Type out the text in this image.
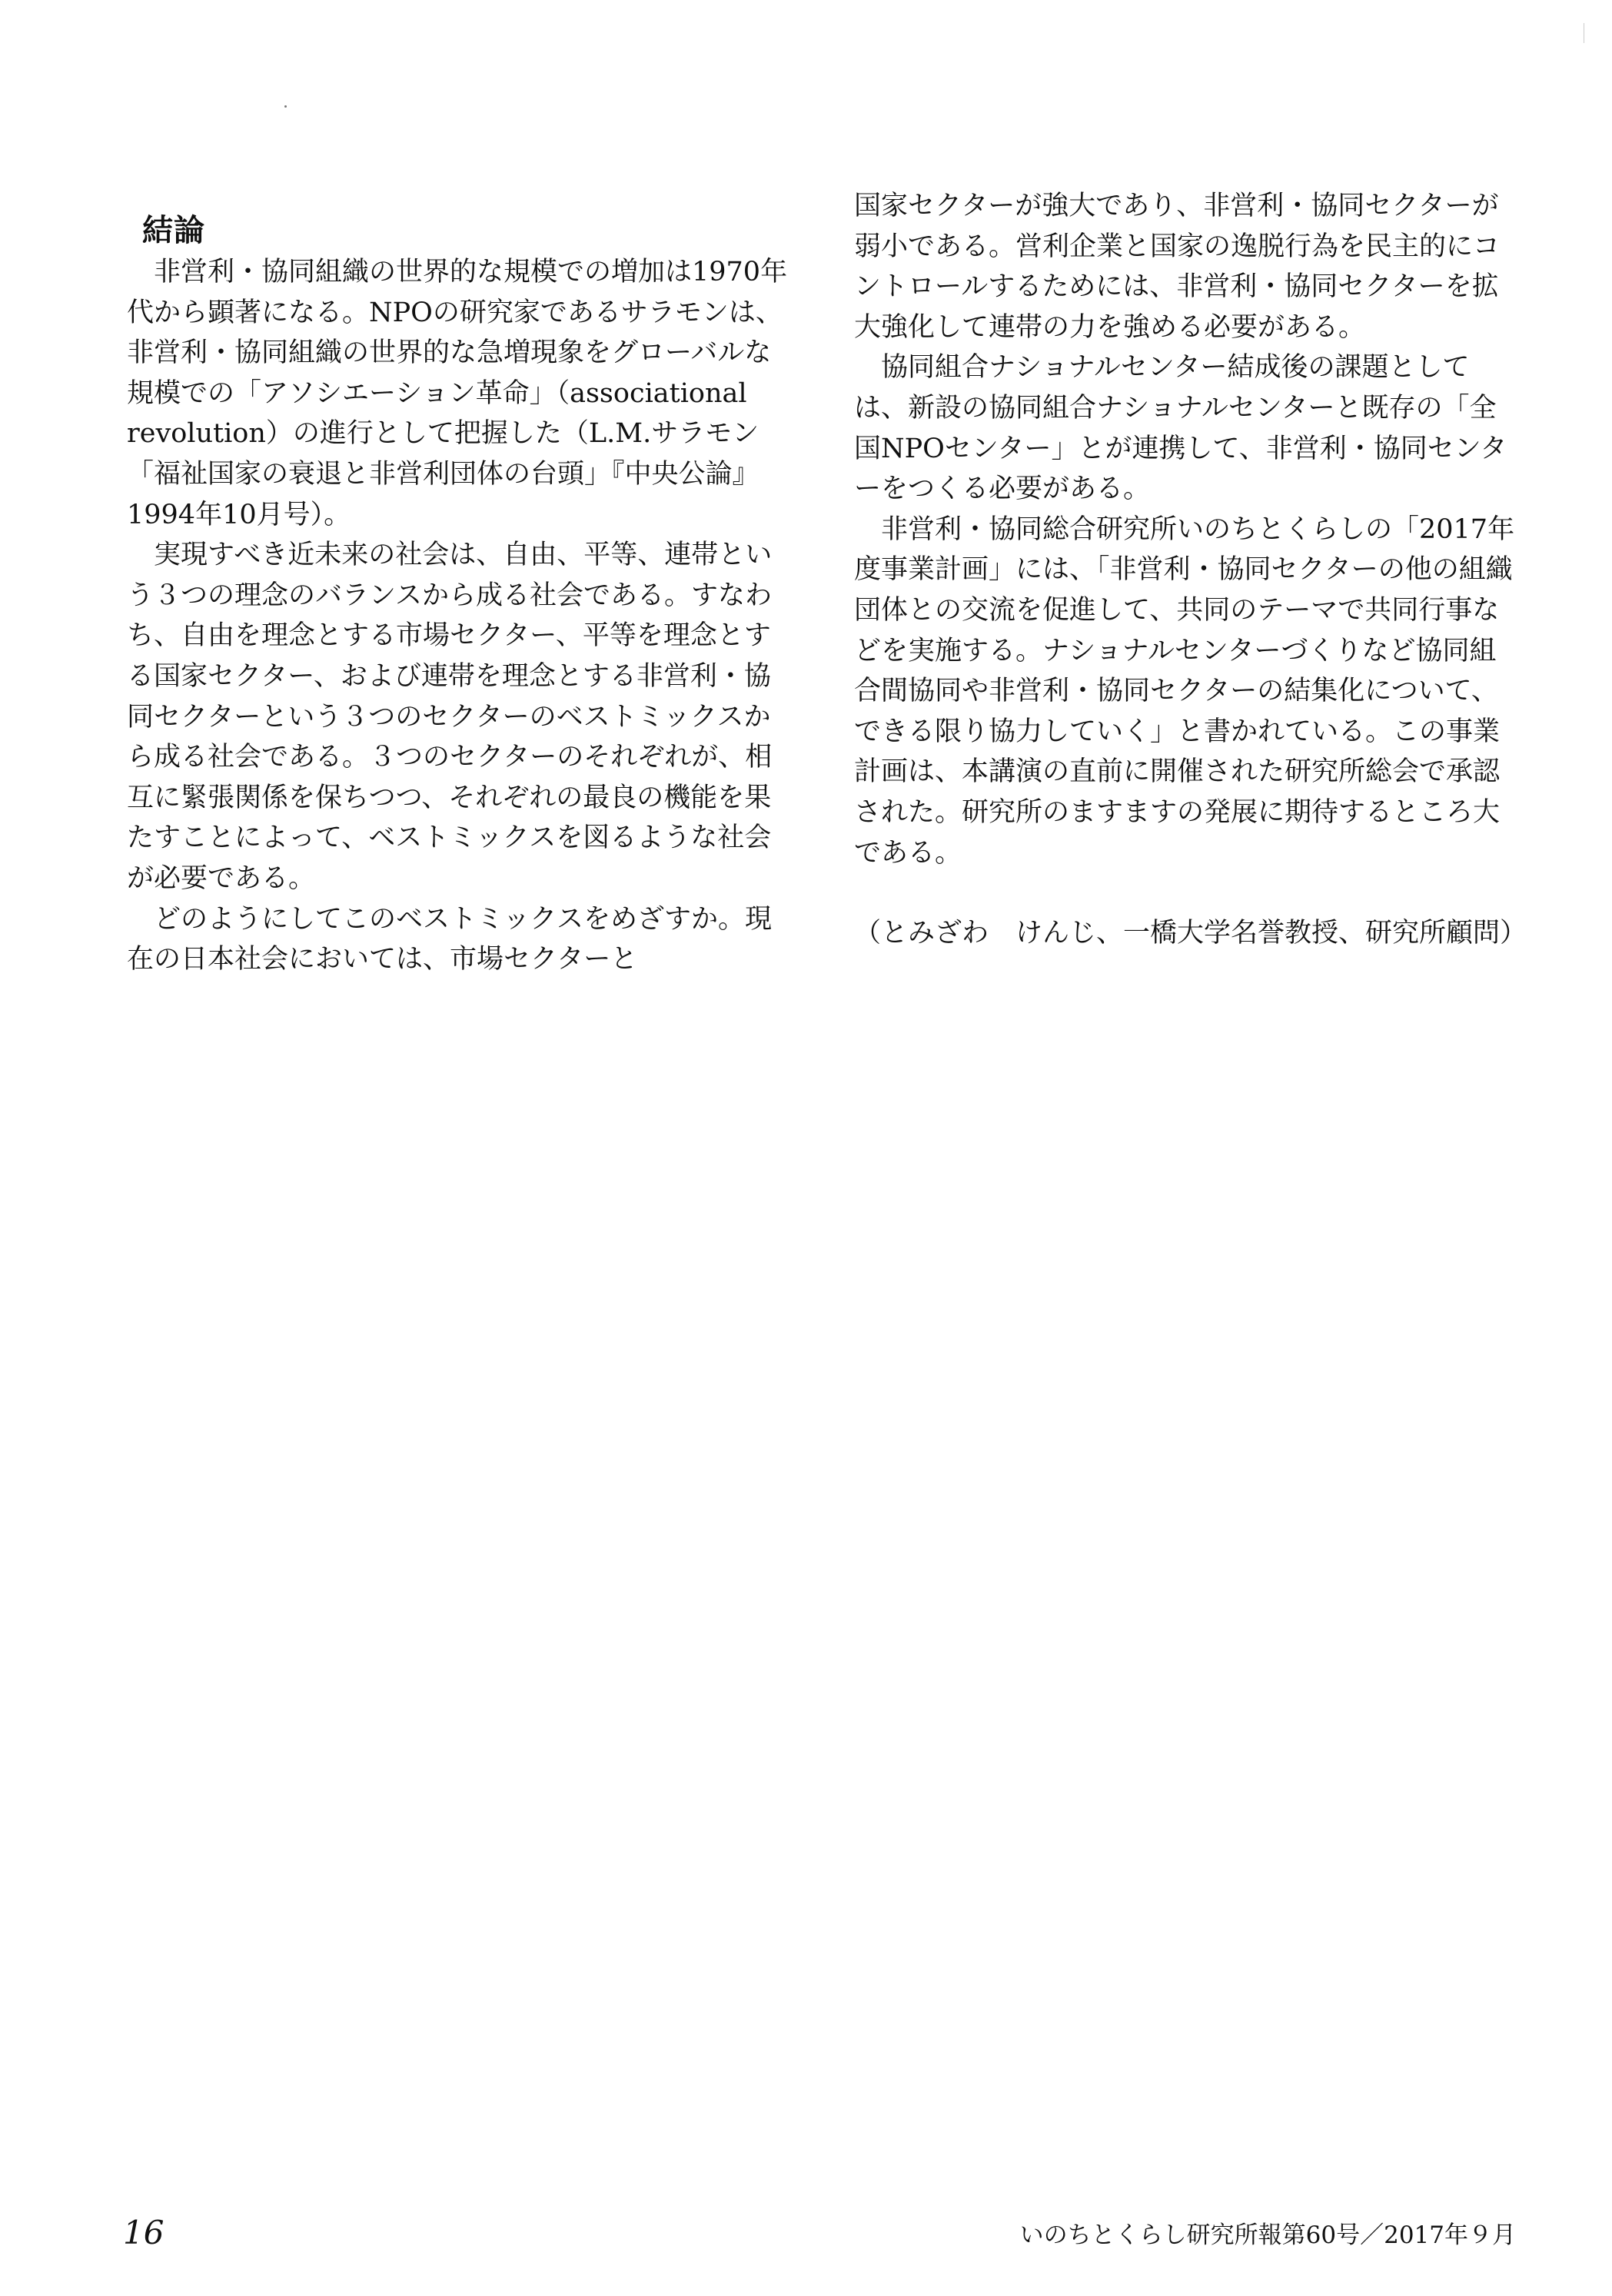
結論

非営利・協同組織の世界的な規模での増加は1970年代から顕著になる。NPOの研究家であるサラモンは、非営利・協同組織の世界的な急増現象をグローバルな規模での「アソシエーション革命」（associational revolution）の進行として把握した（L.M.サラモン「福祉国家の衰退と非営利団体の台頭」『中央公論』1994年10月号）。

実現すべき近未来の社会は、自由、平等、連帯という３つの理念のバランスから成る社会である。すなわち、自由を理念とする市場セクター、平等を理念とする国家セクター、および連帯を理念とする非営利・協同セクターという３つのセクターのベストミックスから成る社会である。３つのセクターのそれぞれが、相互に緊張関係を保ちつつ、それぞれの最良の機能を果たすことによって、ベストミックスを図るような社会が必要である。

どのようにしてこのベストミックスをめざすか。現在の日本社会においては、市場セクターと

国家セクターが強大であり、非営利・協同セクターが弱小である。営利企業と国家の逸脱行為を民主的にコントロールするためには、非営利・協同セクターを拡大強化して連帯の力を強める必要がある。

協同組合ナショナルセンター結成後の課題としては、新設の協同組合ナショナルセンターと既存の「全国NPOセンター」とが連携して、非営利・協同センターをつくる必要がある。

非営利・協同総合研究所いのちとくらしの「2017年度事業計画」には、「非営利・協同セクターの他の組織団体との交流を促進して、共同のテーマで共同行事などを実施する。ナショナルセンターづくりなど協同組合間協同や非営利・協同セクターの結集化について、できる限り協力していく」と書かれている。この事業計画は、本講演の直前に開催された研究所総会で承認された。研究所のますますの発展に期待するところ大である。

（とみざわ　けんじ、一橋大学名誉教授、研究所顧問）

16	いのちとくらし研究所報第60号／2017年９月
